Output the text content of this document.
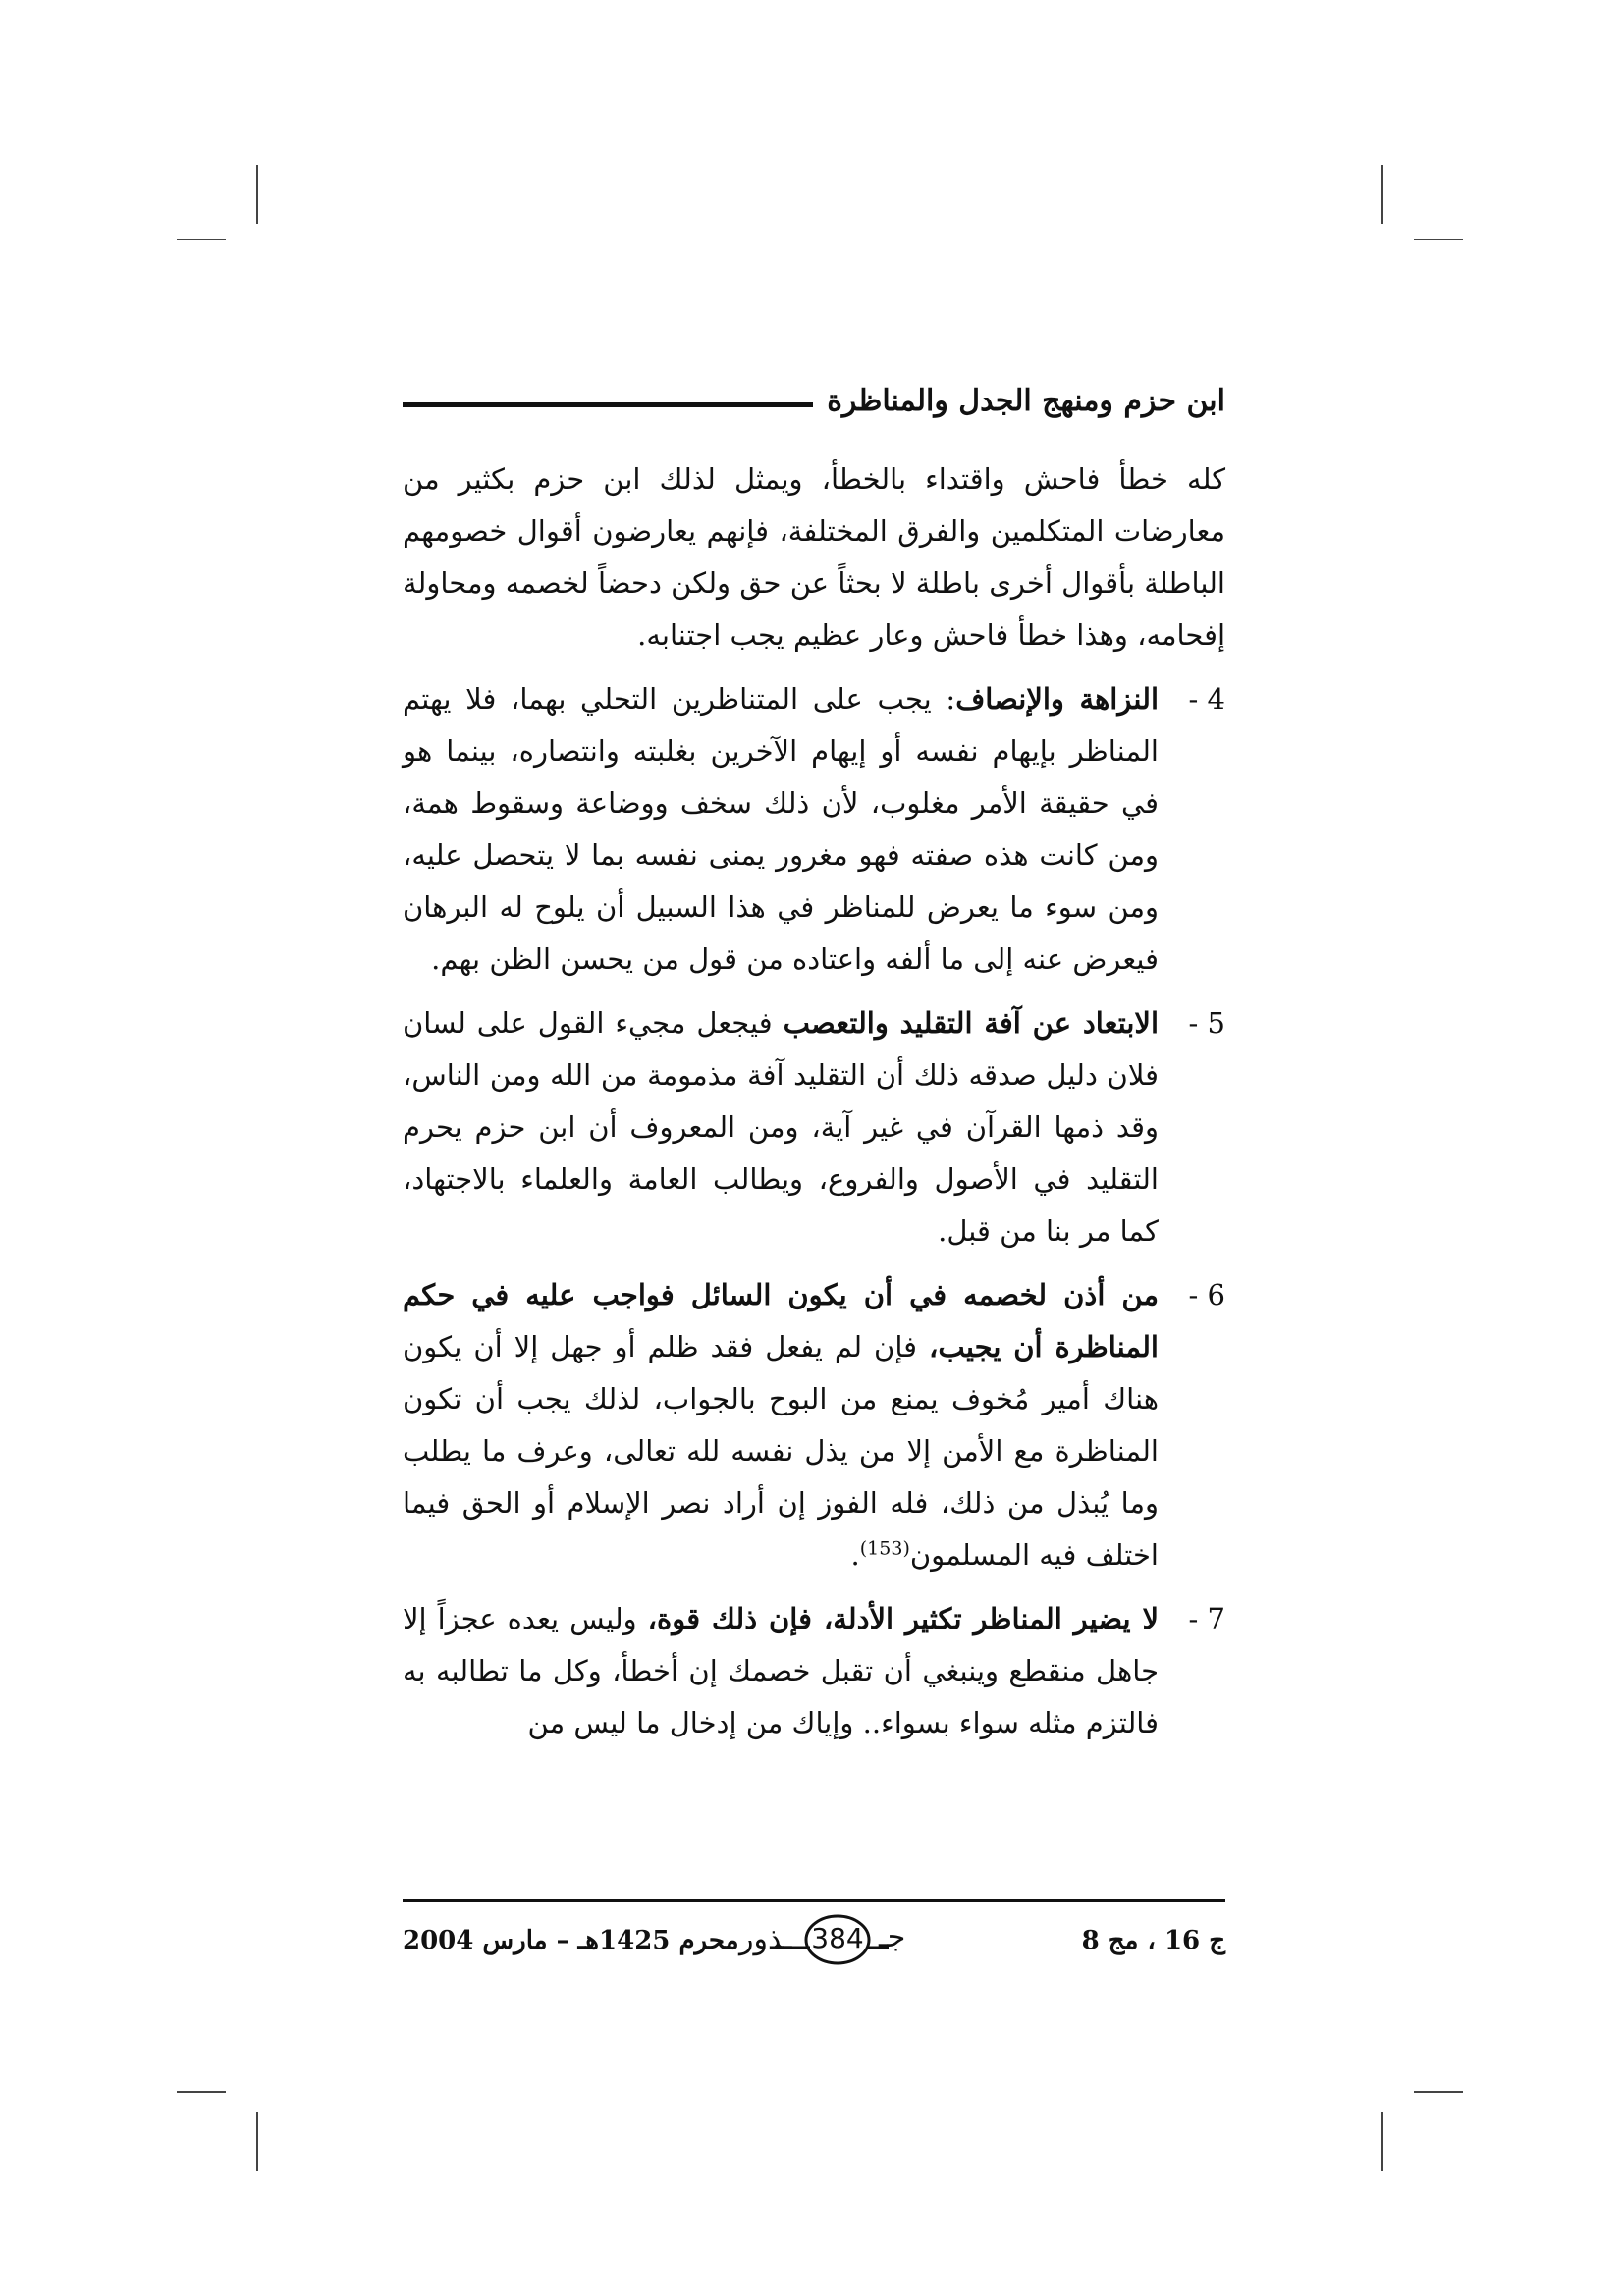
ابن حزم ومنهج الجدل والمناظرة

كله خطأ فاحش واقتداء بالخطأ، ويمثل لذلك ابن حزم بكثير من معارضات المتكلمين والفرق المختلفة، فإنهم يعارضون أقوال خصومهم الباطلة بأقوال أخرى باطلة لا بحثاً عن حق ولكن دحضاً لخصمه ومحاولة إفحامه، وهذا خطأ فاحش وعار عظيم يجب اجتنابه.

4 -
النزاهة والإنصاف: يجب على المتناظرين التحلي بهما، فلا يهتم المناظر بإيهام نفسه أو إيهام الآخرين بغلبته وانتصاره، بينما هو في حقيقة الأمر مغلوب، لأن ذلك سخف ووضاعة وسقوط همة، ومن كانت هذه صفته فهو مغرور يمنى نفسه بما لا يتحصل عليه، ومن سوء ما يعرض للمناظر في هذا السبيل أن يلوح له البرهان فيعرض عنه إلى ما ألفه واعتاده من قول من يحسن الظن بهم.
5 -
الابتعاد عن آفة التقليد والتعصب فيجعل مجيء القول على لسان فلان دليل صدقه ذلك أن التقليد آفة مذمومة من الله ومن الناس، وقد ذمها القرآن في غير آية، ومن المعروف أن ابن حزم يحرم التقليد في الأصول والفروع، ويطالب العامة والعلماء بالاجتهاد، كما مر بنا من قبل.
6 -
من أذن لخصمه في أن يكون السائل فواجب عليه في حكم المناظرة أن يجيب، فإن لم يفعل فقد ظلم أو جهل إلا أن يكون هناك أمير مُخوف يمنع من البوح بالجواب، لذلك يجب أن تكون المناظرة مع الأمن إلا من يذل نفسه لله تعالى، وعرف ما يطلب وما يُبذل من ذلك، فله الفوز إن أراد نصر الإسلام أو الحق فيما اختلف فيه المسلمون$^{(153)}$.
7 -
لا يضير المناظر تكثير الأدلة، فإن ذلك قوة، وليس يعده عجزاً إلا جاهل منقطع وينبغي أن تقبل خصمك إن أخطأ، وكل ما تطالبه به فالتزم مثله سواء بسواء.. وإياك من إدخال ما ليس من
ج 16 ، مج 8
ـذور 384 جـ
محرم 1425هـ – مارس 2004
